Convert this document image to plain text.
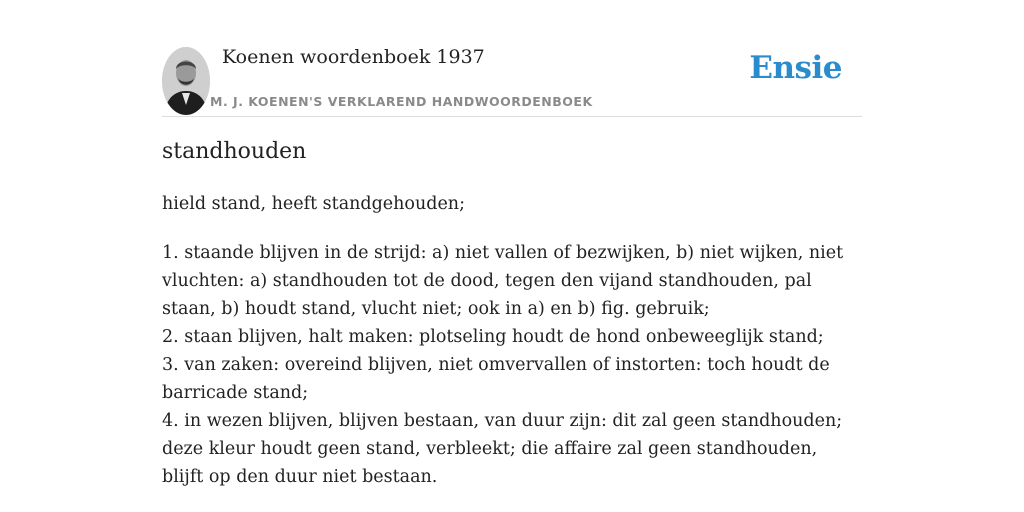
Koenen woordenboek 1937
M. J. KOENEN'S VERKLAREND HANDWOORDENBOEK
Ensie
standhouden
hield stand, heeft standgehouden;
1. staande blijven in de strijd: a) niet vallen of bezwijken, b) niet wijken, niet vluchten: a) standhouden tot de dood, tegen den vijand standhouden, pal staan, b) houdt stand, vlucht niet; ook in a) en b) fig. gebruik;
2. staan blijven, halt maken: plotseling houdt de hond onbeweeglijk stand;
3. van zaken: overeind blijven, niet omvervallen of instorten: toch houdt de barricade stand;
4. in wezen blijven, blijven bestaan, van duur zijn: dit zal geen standhouden; deze kleur houdt geen stand, verbleekt; die affaire zal geen standhouden, blijft op den duur niet bestaan.
